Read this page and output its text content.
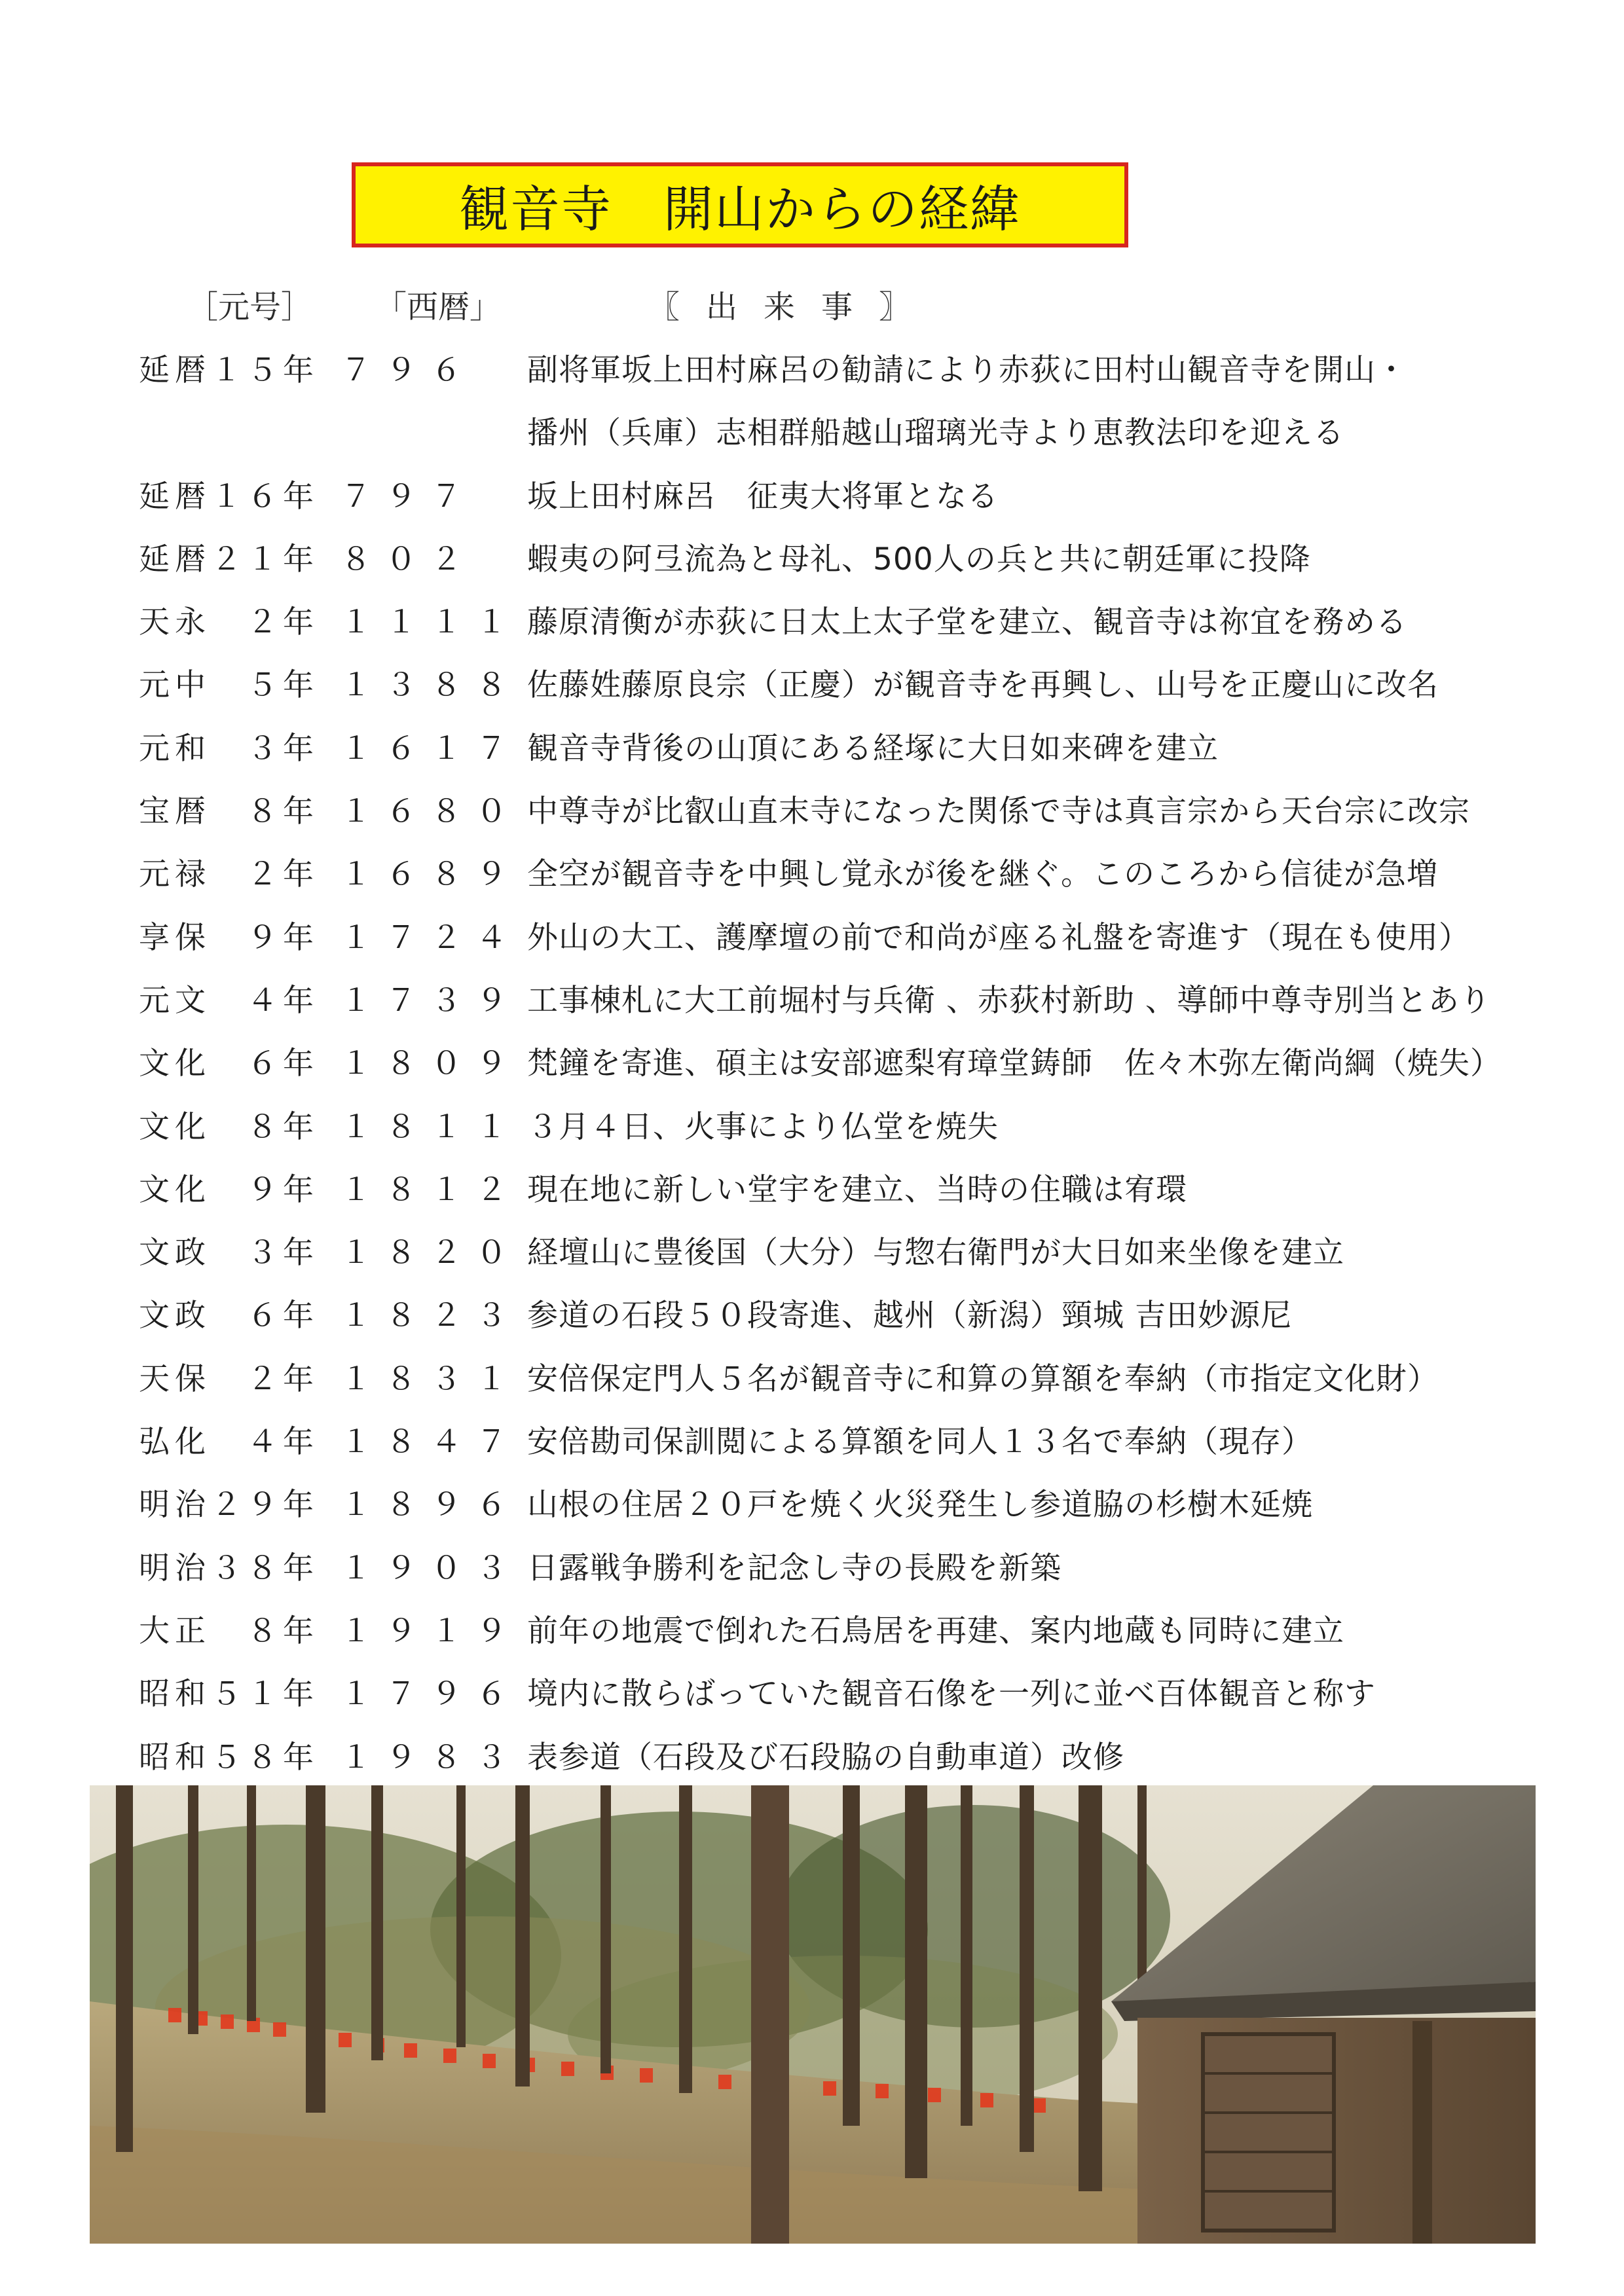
観音寺　開山からの経緯
［元号］ 「西暦」	〖出来事〗
延暦１５年 ７９６ 副将軍坂上田村麻呂の勧請により赤荻に田村山観音寺を開山・
播州（兵庫）志相群船越山瑠璃光寺より恵教法印を迎える
延暦１６年 ７９７ 坂上田村麻呂　征夷大将軍となる
延暦２１年 ８０２ 蝦夷の阿弖流為と母礼、500人の兵と共に朝廷軍に投降
天永　２年 １１１１ 藤原清衡が赤荻に日太上太子堂を建立、観音寺は祢宜を務める
元中　５年 １３８８ 佐藤姓藤原良宗（正慶）が観音寺を再興し、山号を正慶山に改名
元和　３年 １６１７ 観音寺背後の山頂にある経塚に大日如来碑を建立
宝暦　８年 １６８０ 中尊寺が比叡山直末寺になった関係で寺は真言宗から天台宗に改宗
元禄　２年 １６８９ 全空が観音寺を中興し覚永が後を継ぐ。このころから信徒が急増
享保　９年 １７２４ 外山の大工、護摩壇の前で和尚が座る礼盤を寄進す（現在も使用）
元文　４年 １７３９ 工事棟札に大工前堀村与兵衛 、赤荻村新助 、導師中尊寺別当とあり
文化　６年 １８０９ 梵鐘を寄進、碩主は安部遮梨宥璋堂鋳師　佐々木弥左衛尚綱（焼失）
文化　８年 １８１１ ３月４日、火事により仏堂を焼失
文化　９年 １８１２ 現在地に新しい堂宇を建立、当時の住職は宥環
文政　３年 １８２０ 経壇山に豊後国（大分）与惣右衛門が大日如来坐像を建立
文政　６年 １８２３ 参道の石段５０段寄進、越州（新潟）頸城 吉田妙源尼
天保　２年 １８３１ 安倍保定門人５名が観音寺に和算の算額を奉納（市指定文化財）
弘化　４年 １８４７ 安倍勘司保訓閲による算額を同人１３名で奉納（現存）
明治２９年 １８９６ 山根の住居２０戸を焼く火災発生し参道脇の杉樹木延焼
明治３８年 １９０３ 日露戦争勝利を記念し寺の長殿を新築
大正　８年 １９１９ 前年の地震で倒れた石鳥居を再建、案内地蔵も同時に建立
昭和５１年 １７９６ 境内に散らばっていた観音石像を一列に並べ百体観音と称す
昭和５８年 １９８３ 表参道（石段及び石段脇の自動車道）改修
